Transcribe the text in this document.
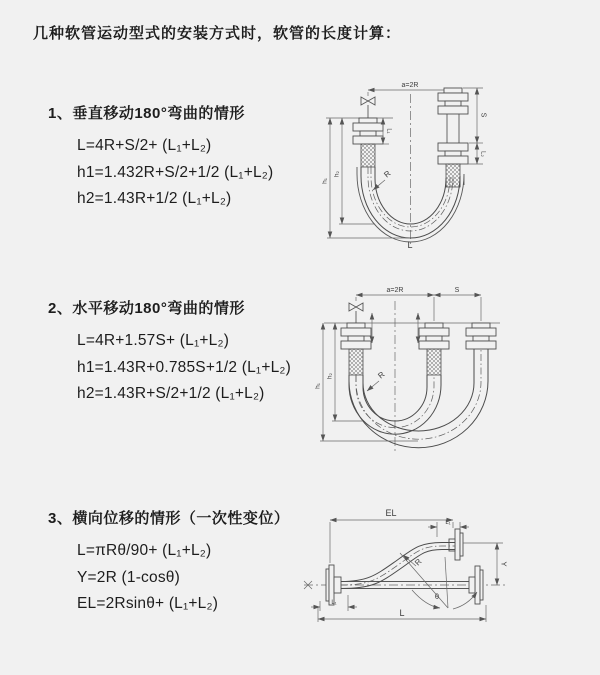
几种软管运动型式的安装方式时，软管的长度计算：
1、垂直移动180°弯曲的情形
L=4R+S/2+ (L₁+L₂)
h1=1.432R+S/2+1/2 (L₁+L₂)
h2=1.43R+1/2 (L₁+L₂)
2、水平移动180°弯曲的情形
L=4R+1.57S+ (L₁+L₂)
h1=1.43R+0.785S+1/2 (L₁+L₂)
h2=1.43R+S/2+1/2 (L₁+L₂)
3、横向位移的情形（一次性变位）
L=πRθ/90+ (L₁+L₂)
Y=2R (1-cosθ)
EL=2Rsinθ+ (L₁+L₂)
a=2R
S
L₂
L₁
h₁
h₂	R
L
a=2R	S
h₁
h₂	R
EL
L₁
Y
θ
R
L₁
L
